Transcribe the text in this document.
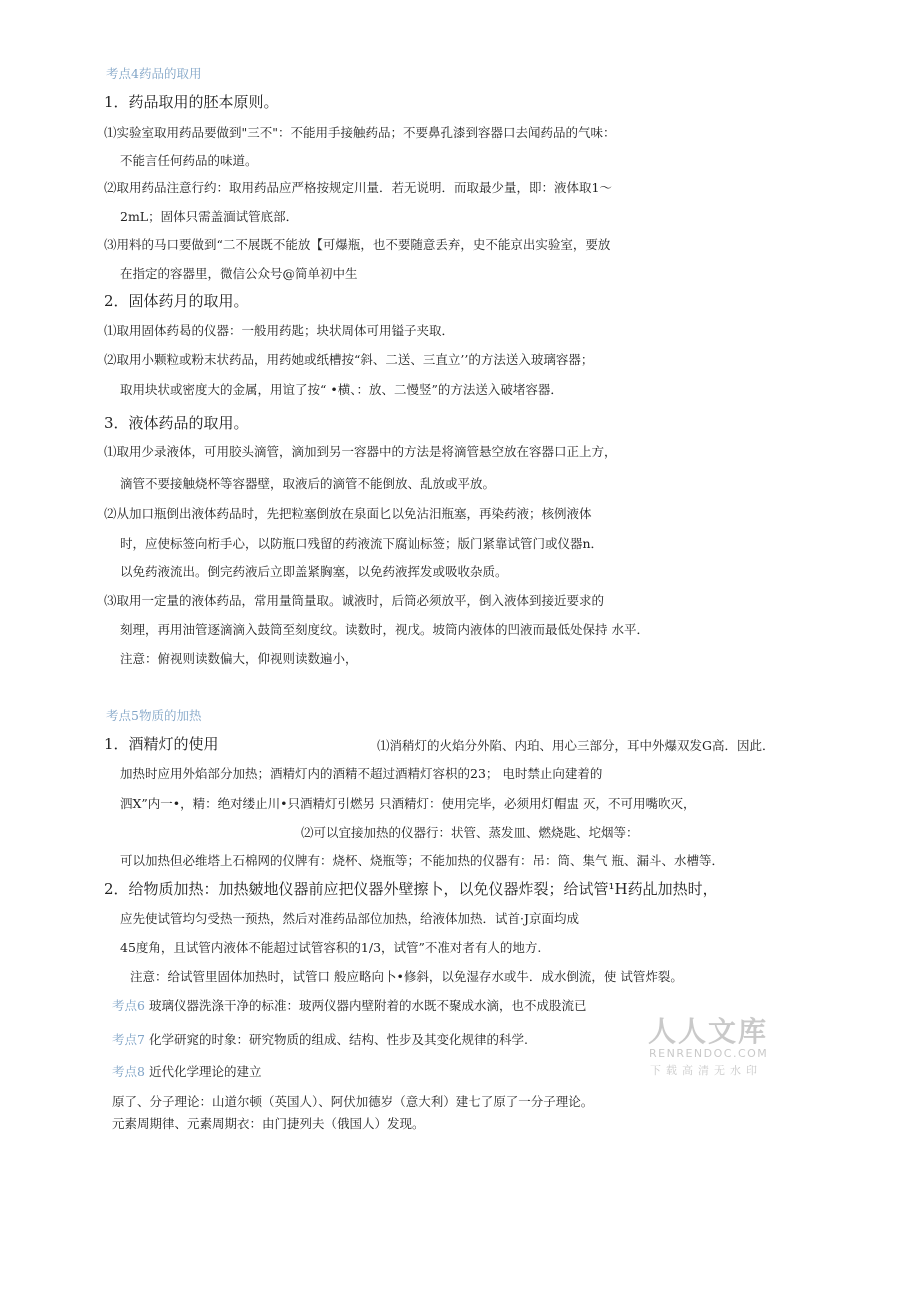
考点4药品的取用
1．药品取用的胚本原则。
⑴实验室取用药品要做到"三不"：不能用手接触药品；不要鼻孔漆到容器口去闻药品的气味：
不能言任何药品的味道。
⑵取用药品注意行约：取用药品应严格按规定川量．若无说明．而取最少量，即：液体取1〜
2mL；固体只需盖湎试管底部．
⑶用料的马口要做到“二不展既不能放【可爆瓶，也不要随意丢弃，史不能京出实验室，要放
在指定的容器里，微信公众号@简单初中生
2．固体药月的取用。
⑴取用固体药曷的仪器：一般用药匙；块状周体可用镒子夹取．
⑵取用小颗粒或粉末状药品，用药她或纸槽按“斜、二送、三直立’’的方法送入玻璃容器；
取用块状或密度大的金属，用谊了按“ •横、：放、二慢竖”的方法送入破堵容器．
3．液体药品的取用。
⑴取用少录液体，可用胶头滴管，滴加到另一容器中的方法是将滴管悬空放在容器口正上方，
滴管不要接触烧杯等容器壁，取液后的滴管不能倒放、乱放或平放。
⑵从加口瓶倒出液体药品时，先把粒塞倒放在泉面匕以免沾汨瓶塞，再染药液；核例液体
时，应使标签向桁手心，以防瓶口残留的药液流下腐讪标签；版门紧靠试管门或仪器n．
以免药液流出。倒完药液后立即盖紧胸塞，以免药液挥发或吸收杂质。
⑶取用一定量的液体药品，常用量筒量取。诚液时，后筒必须放平，倒入液体到接近要求的
刻理，再用油管逐滴滴入鼓筒至刻度纹。读数时，视戊。坡筒内液体的凹液而最低处保持 水平．
注意：俯视则读数偏大，仰视则读数遍小，
考点5物质的加热
1．酒精灯的使用	⑴消稍灯的火焰分外陷、内珀、用心三部分，耳中外爆双发G高．因此．
加热时应用外焰部分加热；酒精灯内的酒精不超过酒精灯容枳的23； 电时禁止向建着的
泗X”内一•，精：绝对缕止川•只酒精灯引燃另 只酒精灯：使用完毕，必须用灯帽盅 灭，不可用嘴吹灭，
⑵可以宜接加热的仪器行：状管、蒸发皿、燃烧匙、坨烟等：
可以加热但必维塔上石棉网的仪牌有：烧杯、烧瓶等；不能加热的仪器有：吊：筒、集气 瓶、漏斗、水槽等．
2．给物质加热：加热皴地仪器前应把仪器外壁擦卜，以免仪器炸裂；给试管¹H药乩加热时，
应先使试管均匀受热一预热，然后对准药品部位加热，给液体加热．试首·J京面均成
45度角，且试管内液体不能超过试管容积的1/3，试管”不准对者有人的地方.
注意：给试管里固体加热时，试管口 般应略向卜•修斜，以免湿存水或牛．成水倒流，使 试管炸裂。
考点6 玻璃仪器洗涤干净的标准：玻两仪器内壁附着的水既不聚成水滴，也不成股流已
考点7 化学研窕的时象：研究物质的组成、结构、性步及其变化规律的科学.
考点8 近代化学理论的建立
原了、分子理论：山道尔顿（英国人）、阿伏加德岁（意大利）建七了原了一分子理论。
元素周期律、元素周期衣：由门捷列夫（俄国人）发现。
人人文库
RENRENDOC.COM
下载高清无水印
